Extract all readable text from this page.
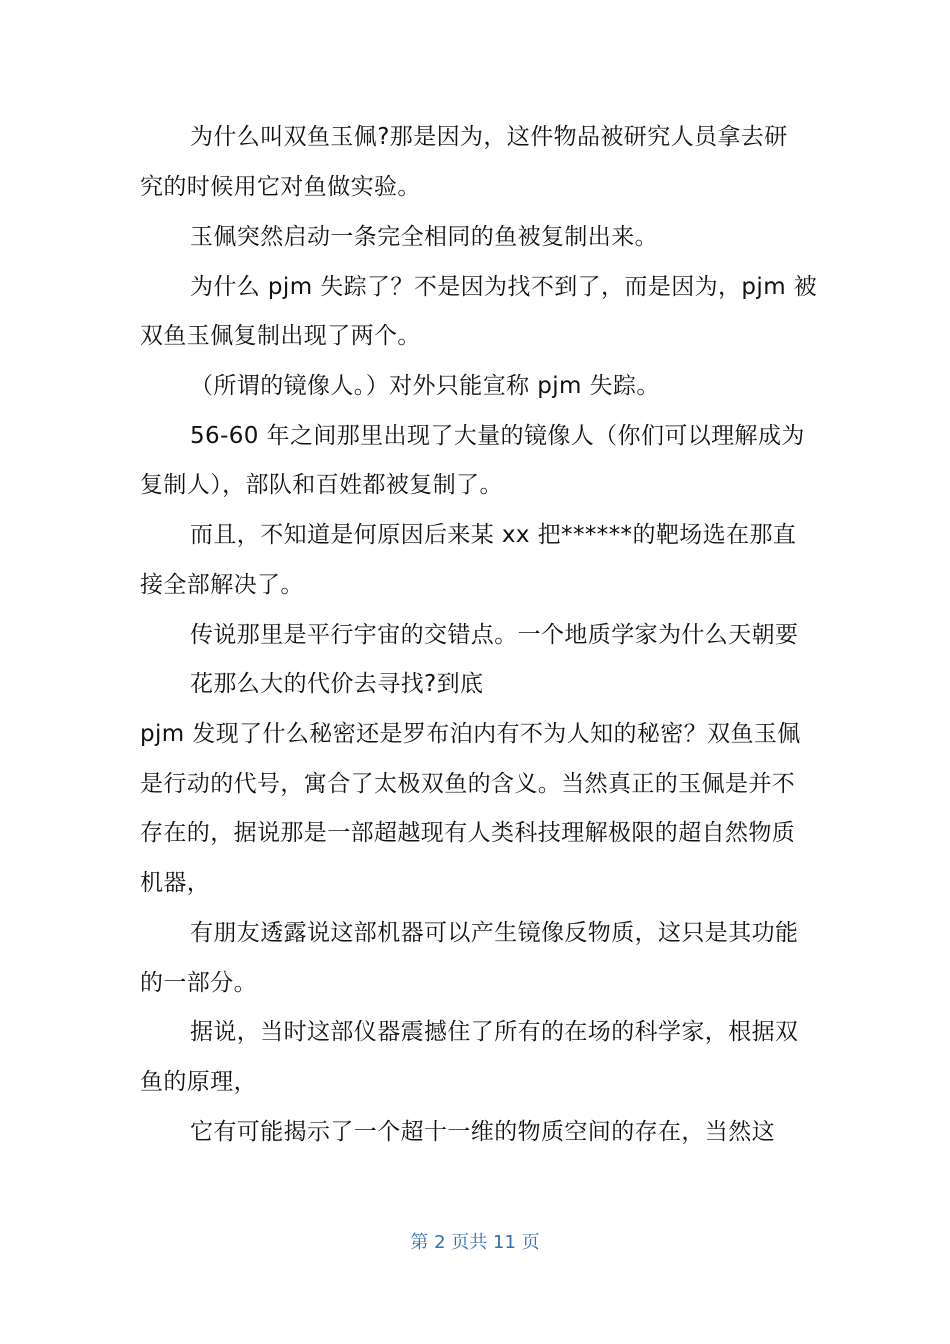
为什么叫双鱼玉佩?那是因为，这件物品被研究人员拿去研
究的时候用它对鱼做实验。
玉佩突然启动一条完全相同的鱼被复制出来。
为什么 pjm 失踪了？不是因为找不到了，而是因为，pjm 被
双鱼玉佩复制出现了两个。
（所谓的镜像人。）对外只能宣称 pjm 失踪。
56-60 年之间那里出现了大量的镜像人（你们可以理解成为
复制人），部队和百姓都被复制了。
而且，不知道是何原因后来某 xx 把******的靶场选在那直
接全部解决了。
传说那里是平行宇宙的交错点。一个地质学家为什么天朝要
花那么大的代价去寻找?到底
pjm 发现了什么秘密还是罗布泊内有不为人知的秘密？双鱼玉佩
是行动的代号，寓合了太极双鱼的含义。当然真正的玉佩是并不
存在的，据说那是一部超越现有人类科技理解极限的超自然物质
机器，
有朋友透露说这部机器可以产生镜像反物质，这只是其功能
的一部分。
据说，当时这部仪器震撼住了所有的在场的科学家，根据双
鱼的原理，
它有可能揭示了一个超十一维的物质空间的存在，当然这
第 2 页共 11 页
